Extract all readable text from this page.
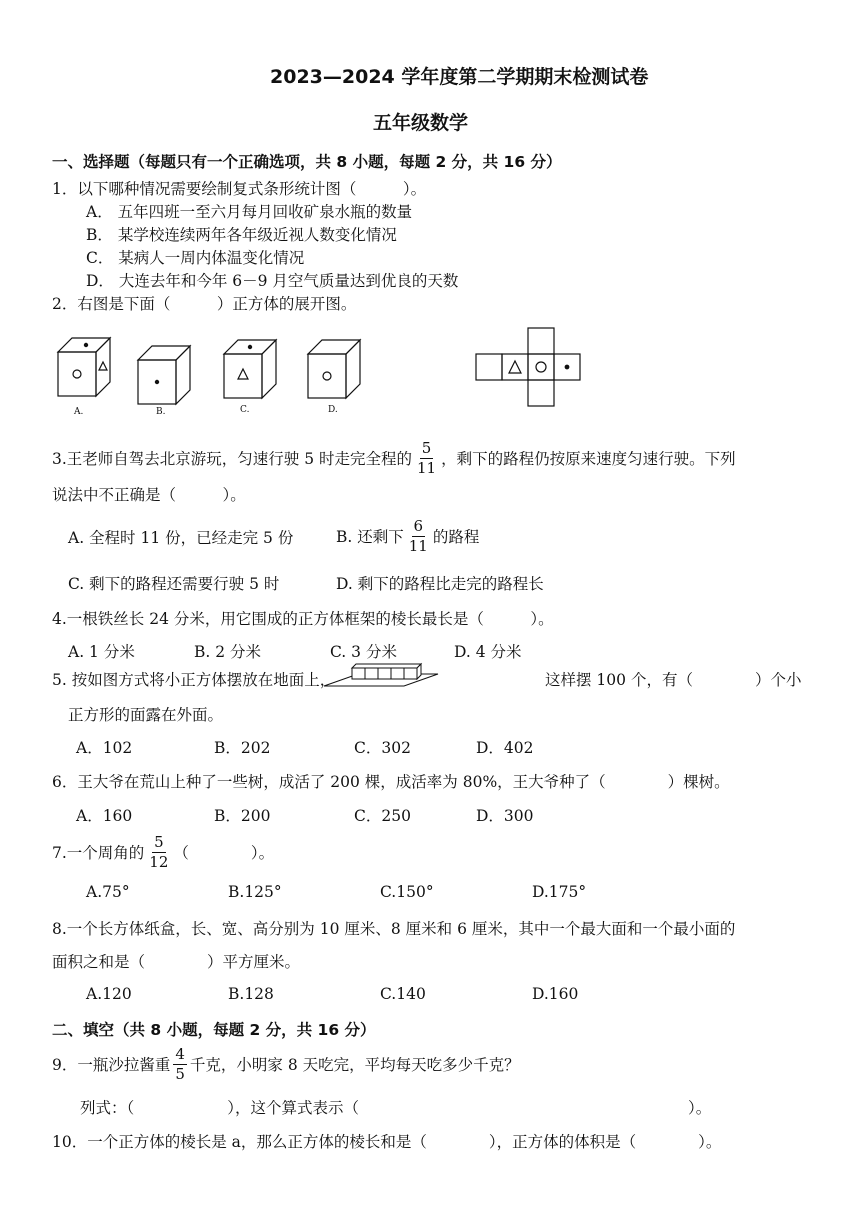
2023—2024 学年度第二学期期末检测试卷
五年级数学
一、选择题（每题只有一个正确选项，共 8 小题，每题 2 分，共 16 分）
1．以下哪种情况需要绘制复式条形统计图（　　　）。
A． 五年四班一至六月每月回收矿泉水瓶的数量
B． 某学校连续两年各年级近视人数变化情况
C． 某病人一周内体温变化情况
D． 大连去年和今年 6－9 月空气质量达到优良的天数
2．右图是下面（　　　）正方体的展开图。
A.	B.	C.	D.
3.王老师自驾去北京游玩，匀速行驶 5 时走完全程的 $\frac{5}{11}$ ，剩下的路程仍按原来速度匀速行驶。下列
说法中不正确是（　　　）。
A. 全程时 11 份，已经走完 5 份	B. 还剩下 $\frac{6}{11}$ 的路程
C. 剩下的路程还需要行驶 5 时	D. 剩下的路程比走完的路程长
4.一根铁丝长 24 分米，用它围成的正方体框架的棱长最长是（　　　）。
A. 1 分米	B. 2 分米	C. 3 分米	D. 4 分米
5. 按如图方式将小正方体摆放在地面上，	这样摆 100 个，有（　　　　）个小
正方形的面露在外面。
A．102	B．202	C．302	D．402
6．王大爷在荒山上种了一些树，成活了 200 棵，成活率为 80%，王大爷种了（　　　　）棵树。
A．160	B．200	C．250	D．300
7.一个周角的 $\frac{5}{12}$ （　　　　）。
A.75°	B.125°	C.150°	D.175°
8.一个长方体纸盒，长、宽、高分别为 10 厘米、8 厘米和 6 厘米，其中一个最大面和一个最小面的
面积之和是（　　　　）平方厘米。
A.120	B.128	C.140	D.160
二、填空（共 8 小题，每题 2 分，共 16 分）
9．一瓶沙拉酱重 $\frac{4}{5}$ 千克，小明家 8 天吃完，平均每天吃多少千克？
列式：（　　　　　　），这个算式表示（	）。
10．一个正方体的棱长是 a，那么正方体的棱长和是（　　　　），正方体的体积是（　　　　）。
